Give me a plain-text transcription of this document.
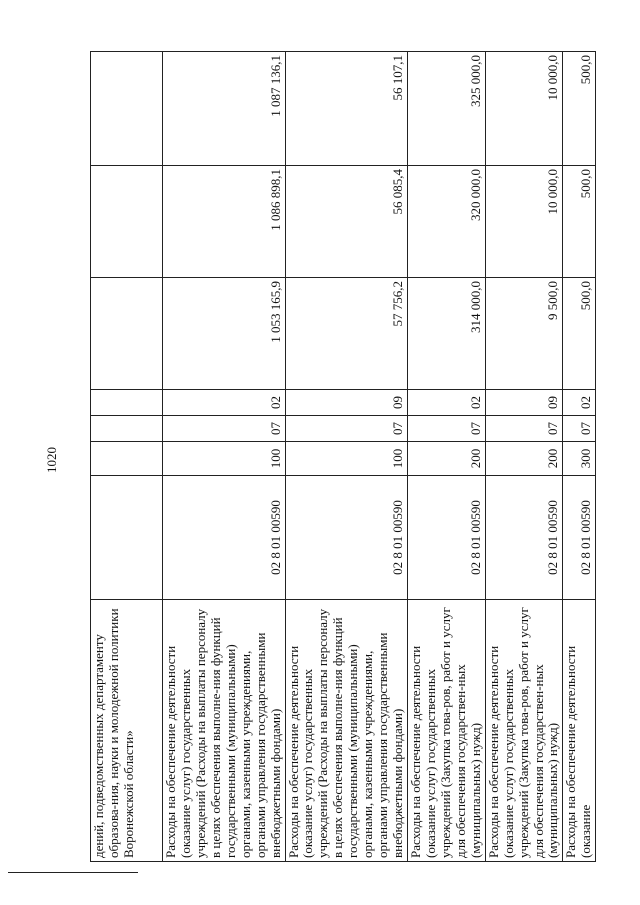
1020
дений, подведомственных департаменту образова-ния, науки и молодежной политики Воронежской области»							
Расходы на обеспечение деятельности (оказание услуг) государственных учреждений (Расходы на выплаты персоналу в целях обеспечения выполне-ния функций государственными (муниципальными) органами, казенными учреждениями, органами управления государственными внебюджетными фондами)	02 8 01 00590	100	07	02	1 053 165,9	1 086 898,1	1 087 136,1
Расходы на обеспечение деятельности (оказание услуг) государственных учреждений (Расходы на выплаты персоналу в целях обеспечения выполне-ния функций государственными (муниципальными) органами, казенными учреждениями, органами управления государственными внебюджетными фондами)	02 8 01 00590	100	07	09	57 756,2	56 085,4	56 107,1
Расходы на обеспечение деятельности (оказание услуг) государственных учреждений (Закупка това-ров, работ и услуг для обеспечения государствен-ных (муниципальных) нужд)	02 8 01 00590	200	07	02	314 000,0	320 000,0	325 000,0
Расходы на обеспечение деятельности (оказание услуг) государственных учреждений (Закупка това-ров, работ и услуг для обеспечения государствен-ных (муниципальных) нужд)	02 8 01 00590	200	07	09	9 500,0	10 000,0	10 000,0
Расходы на обеспечение деятельности (оказание	02 8 01 00590	300	07	02	500,0	500,0	500,0
